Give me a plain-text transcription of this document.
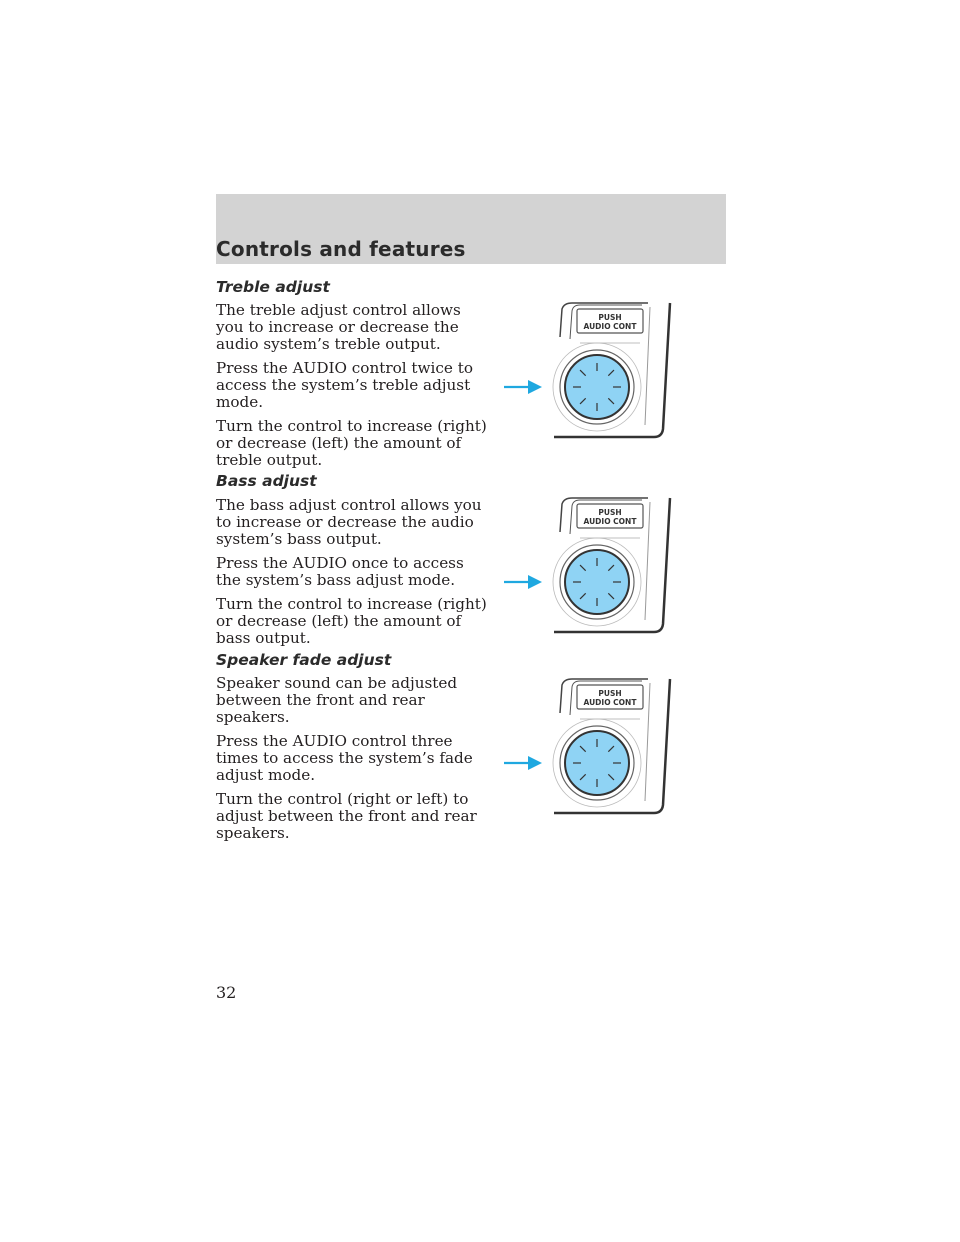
Controls and features
Treble adjust

The treble adjust control allows you to increase or decrease the audio system’s treble output.

Press the AUDIO control twice to access the system’s treble adjust mode.

Turn the control to increase (right) or decrease (left) the amount of treble output.

Bass adjust

The bass adjust control allows you to increase or decrease the audio system’s bass output.

Press the AUDIO once to access the system’s bass adjust mode.

Turn the control to increase (right) or decrease (left) the amount of bass output.

Speaker fade adjust

Speaker sound can be adjusted between the front and rear speakers.

Press the AUDIO control three times to access the system’s fade adjust mode.

Turn the control (right or left) to adjust between the front and rear speakers.

PUSH
AUDIO CONT
PUSH
AUDIO CONT
PUSH
AUDIO CONT
32
